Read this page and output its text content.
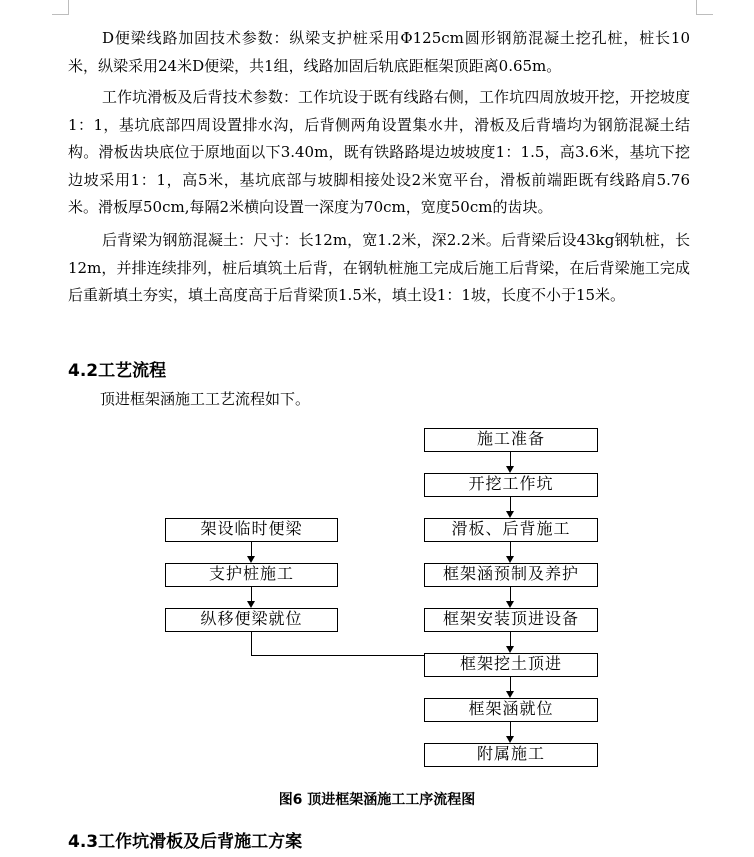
D便梁线路加固技术参数：纵梁支护桩采用Φ125cm圆形钢筋混凝土挖孔桩，桩长10米，纵梁采用24米D便梁，共1组，线路加固后轨底距框架顶距离0.65m。

工作坑滑板及后背技术参数：工作坑设于既有线路右侧，工作坑四周放坡开挖，开挖坡度1：1，基坑底部四周设置排水沟，后背侧两角设置集水井，滑板及后背墙均为钢筋混凝土结构。滑板齿块底位于原地面以下3.40m，既有铁路路堤边坡坡度1：1.5，高3.6米，基坑下挖边坡采用1：1，高5米，基坑底部与坡脚相接处设2米宽平台，滑板前端距既有线路肩5.76米。滑板厚50cm,每隔2米横向设置一深度为70cm，宽度50cm的齿块。

后背梁为钢筋混凝土：尺寸：长12m，宽1.2米，深2.2米。后背梁后设43kg钢轨桩，长12m，并排连续排列，桩后填筑土后背，在钢轨桩施工完成后施工后背梁，在后背梁施工完成后重新填土夯实，填土高度高于后背梁顶1.5米，填土设1：1坡，长度不小于15米。

4.2工艺流程

顶进框架涵施工工艺流程如下。

施工准备
开挖工作坑
滑板、后背施工
框架涵预制及养护
框架安装顶进设备
框架挖土顶进
框架涵就位
附属施工
架设临时便梁
支护桩施工
纵移便梁就位

图6 顶进框架涵施工工序流程图

4.3工作坑滑板及后背施工方案
